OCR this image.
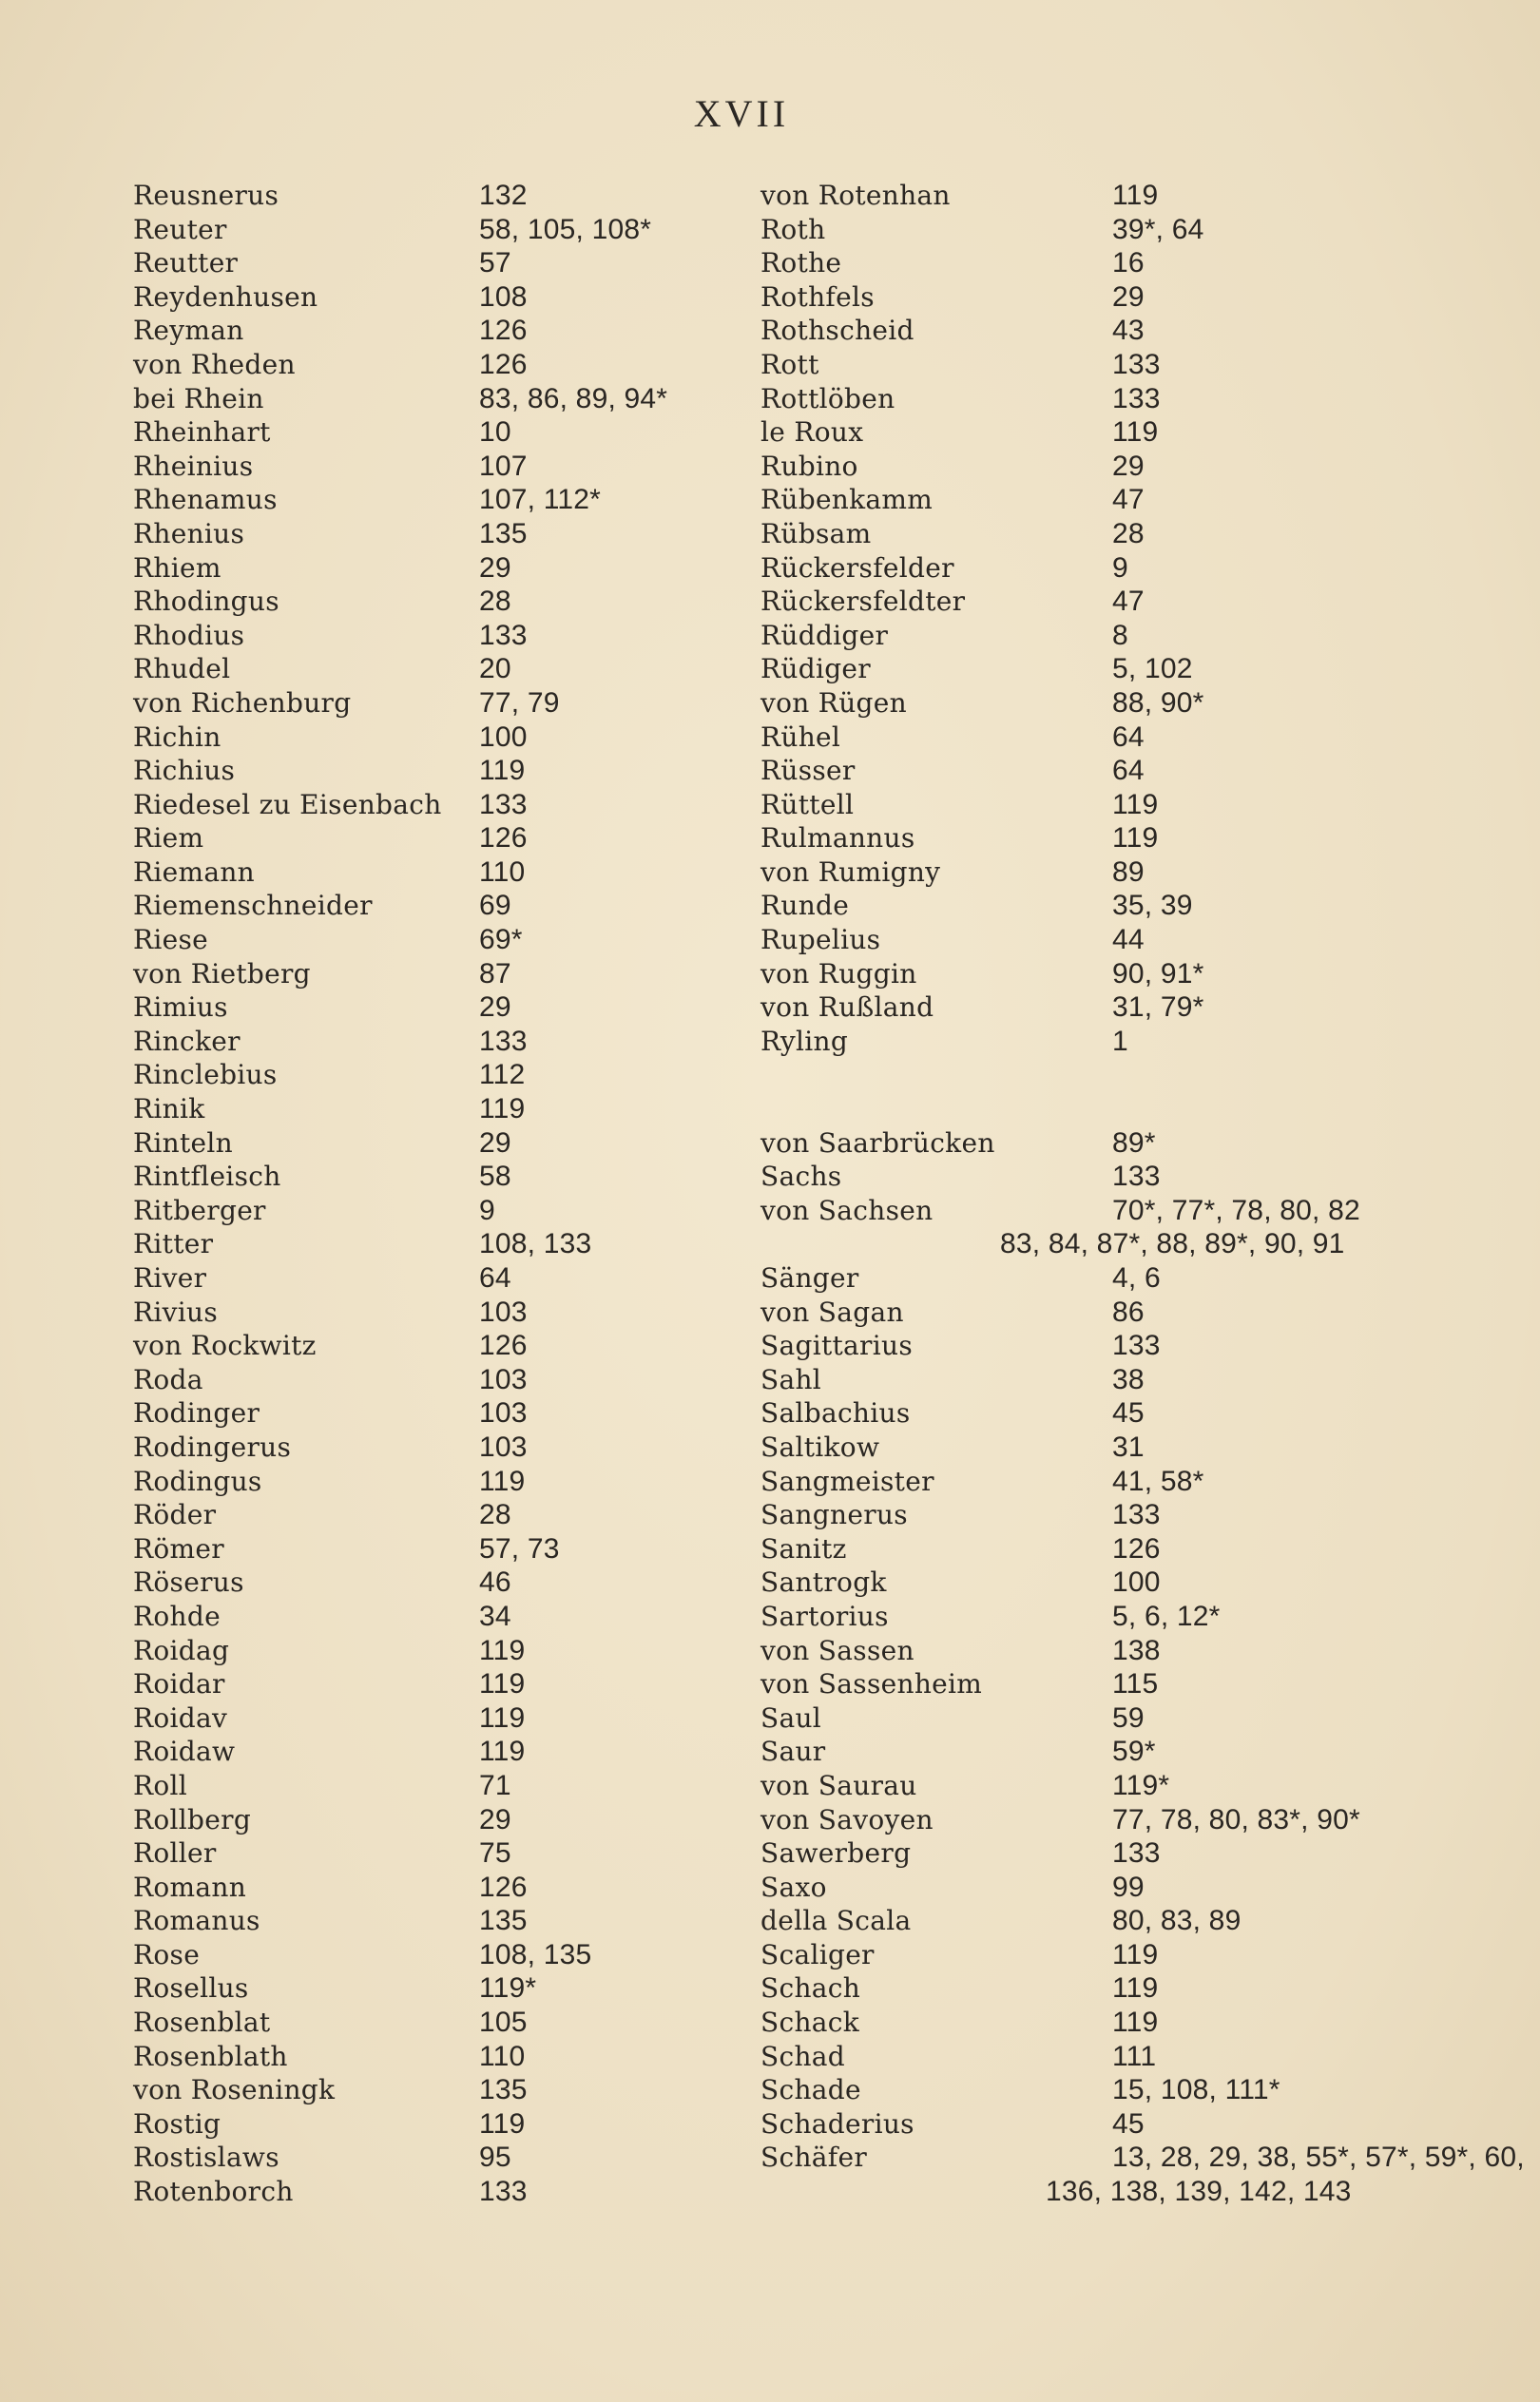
XVII
Reusnerus	132
Reuter	58, 105, 108*
Reutter	57
Reydenhusen	108
Reyman	126
von Rheden	126
bei Rhein	83, 86, 89, 94*
Rheinhart	10
Rheinius	107
Rhenamus	107, 112*
Rhenius	135
Rhiem	29
Rhodingus	28
Rhodius	133
Rhudel	20
von Richenburg	77, 79
Richin	100
Richius	119
Riedesel zu Eisenbach 133
Riem	126
Riemann	110
Riemenschneider	69
Riese	69*
von Rietberg	87
Rimius	29
Rincker	133
Rinclebius	112
Rinik	119
Rinteln	29
Rintfleisch	58
Ritberger	9
Ritter	108, 133
River	64
Rivius	103
von Rockwitz	126
Roda	103
Rodinger	103
Rodingerus	103
Rodingus	119
Röder	28
Römer	57, 73
Röserus	46
Rohde	34
Roidag	119
Roidar	119
Roidav	119
Roidaw	119
Roll	71
Rollberg	29
Roller	75
Romann	126
Romanus	135
Rose	108, 135
Rosellus	119*
Rosenblat	105
Rosenblath	110
von Roseningk	135
Rostig	119
Rostislaws	95
Rotenborch	133
von Rotenhan	119
Roth	39*, 64
Rothe	16
Rothfels	29
Rothscheid	43
Rott	133
Rottlöben	133
le Roux	119
Rubino	29
Rübenkamm	47
Rübsam	28
Rückersfelder	9
Rückersfeldter	47
Rüddiger	8
Rüdiger	5, 102
von Rügen	88, 90*
Rühel	64
Rüsser	64
Rüttell	119
Rulmannus	119
von Rumigny	89
Runde	35, 39
Rupelius	44
von Ruggin	90, 91*
von Rußland	31, 79*
Ryling	1
von Saarbrücken	89*
Sachs	133
von Sachsen	70*, 77*, 78, 80, 82
83, 84, 87*, 88, 89*, 90, 91
Sänger	4, 6
von Sagan	86
Sagittarius	133
Sahl	38
Salbachius	45
Saltikow	31
Sangmeister	41, 58*
Sangnerus	133
Sanitz	126
Santrogk	100
Sartorius	5, 6, 12*
von Sassen	138
von Sassenheim	115
Saul	59
Saur	59*
von Saurau	119*
von Savoyen	77, 78, 80, 83*, 90*
Sawerberg	133
Saxo	99
della Scala	80, 83, 89
Scaliger	119
Schach	119
Schack	119
Schad	111
Schade	15, 108, 111*
Schaderius	45
Schäfer	13, 28, 29, 38, 55*, 57*, 59*, 60,
136, 138, 139, 142, 143
